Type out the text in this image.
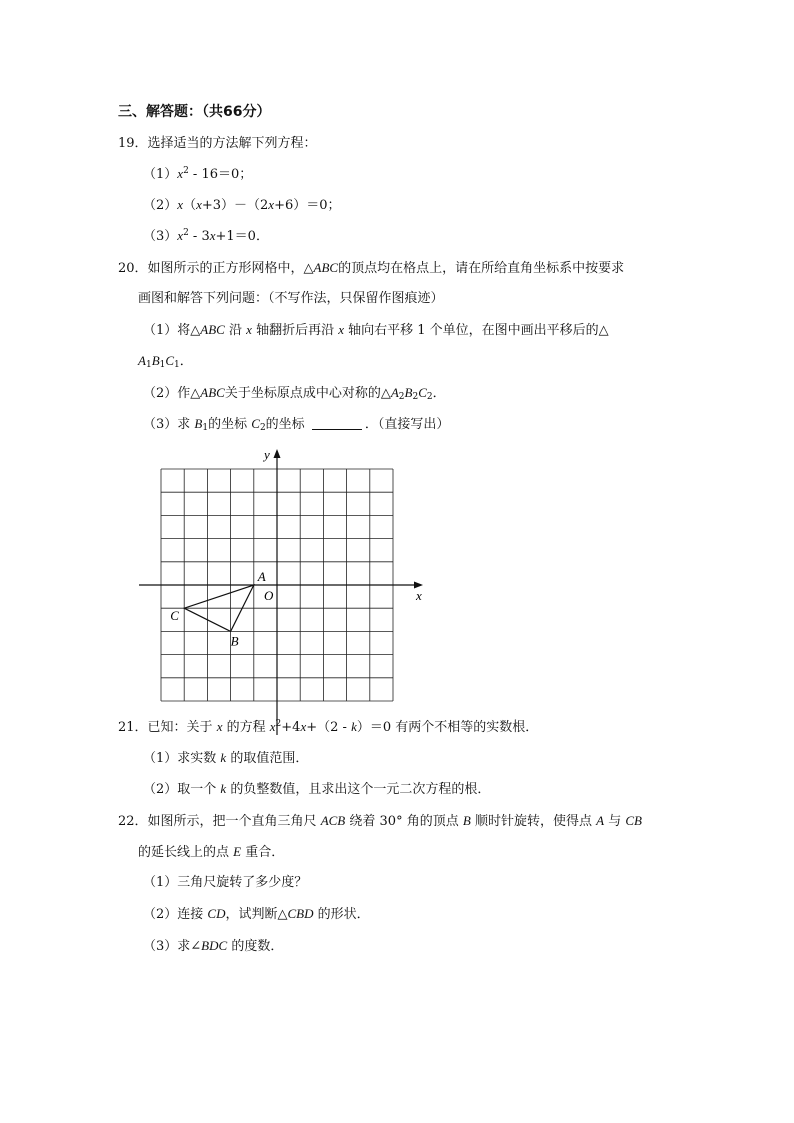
三、解答题：（共66分）
19．选择适当的方法解下列方程：
$(1)x^2 - 16=0$；
（2）x（x+3）－（2x+6）＝0；
$(3)x^2 - 3x+1=0$．
20．如图所示的正方形网格中，△ABC的顶点均在格点上，请在所给直角坐标系中按要求
画图和解答下列问题：（不写作法，只保留作图痕迹）
（1）将△ABC 沿 x 轴翻折后再沿 x 轴向右平移 1 个单位，在图中画出平移后的△
$A_1B_1C_1$．
（2）作△ABC关于坐标原点成中心对称的$\triangle A_2B_2C_2$．
（3）求 $B_1$的坐标 $C_2$的坐标	．（直接写出）
x
y
O
A
B
C
21．已知：关于 x 的方程 $x^2+4x+(2 - k)=0$ 有两个不相等的实数根．
（1）求实数 k 的取值范围．
（2）取一个 k 的负整数值，且求出这个一元二次方程的根．
22．如图所示，把一个直角三角尺 ACB 绕着 30° 角的顶点 B 顺时针旋转，使得点 A 与 CB
的延长线上的点 E 重合．
（1）三角尺旋转了多少度？
（2）连接 CD，试判断△CBD 的形状．
（3）求∠BDC 的度数．
